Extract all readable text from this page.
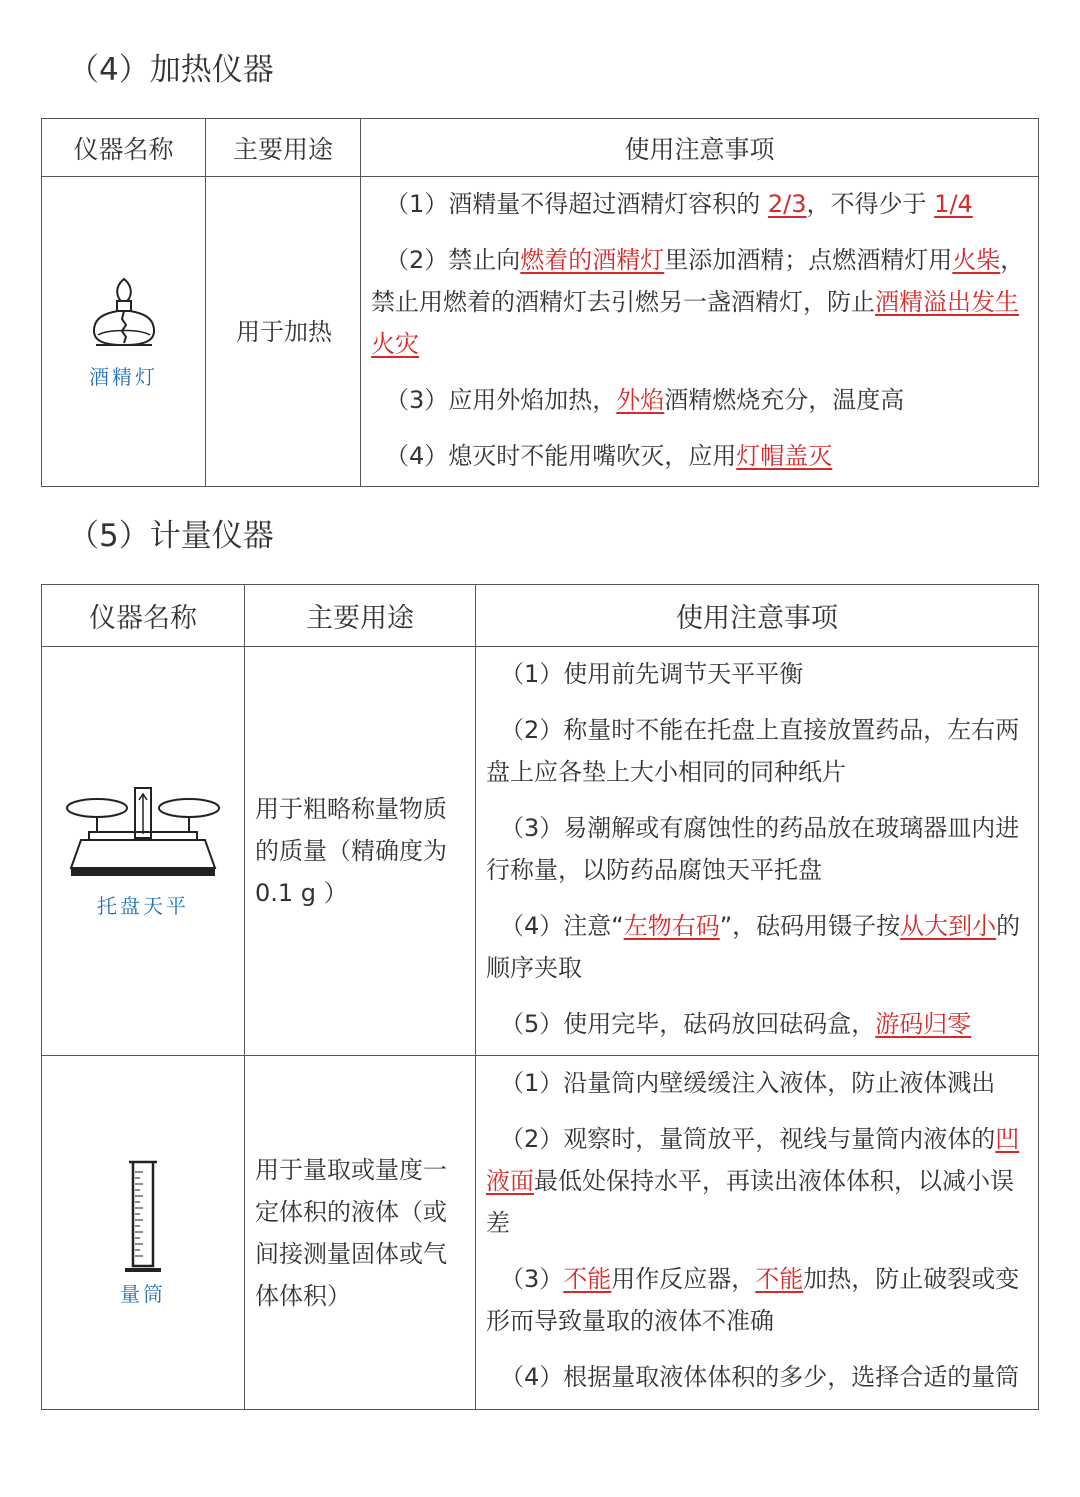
（4）加热仪器
仪器名称	主要用途	使用注意事项

酒精灯	用于加热	（1）酒精量不得超过酒精灯容积的 2/3，不得少于 1/4
（2）禁止向燃着的酒精灯里添加酒精；点燃酒精灯用火柴，禁止用燃着的酒精灯去引燃另一盏酒精灯，防止酒精溢出发生火灾
（3）应用外焰加热，外焰酒精燃烧充分，温度高
（4）熄灭时不能用嘴吹灭，应用灯帽盖灭
（5）计量仪器
仪器名称	主要用途	使用注意事项

托盘天平	用于粗略称量物质的质量（精确度为 0.1 g ）	（1）使用前先调节天平平衡
（2）称量时不能在托盘上直接放置药品，左右两盘上应各垫上大小相同的同种纸片
（3）易潮解或有腐蚀性的药品放在玻璃器皿内进行称量，以防药品腐蚀天平托盘
（4）注意“左物右码”，砝码用镊子按从大到小的顺序夹取
（5）使用完毕，砝码放回砝码盒，游码归零

量筒	用于量取或量度一定体积的液体（或间接测量固体或气体体积）	（1）沿量筒内壁缓缓注入液体，防止液体溅出
（2）观察时，量筒放平，视线与量筒内液体的凹液面最低处保持水平，再读出液体体积，以减小误差
（3）不能用作反应器，不能加热，防止破裂或变形而导致量取的液体不准确
（4）根据量取液体体积的多少，选择合适的量筒
